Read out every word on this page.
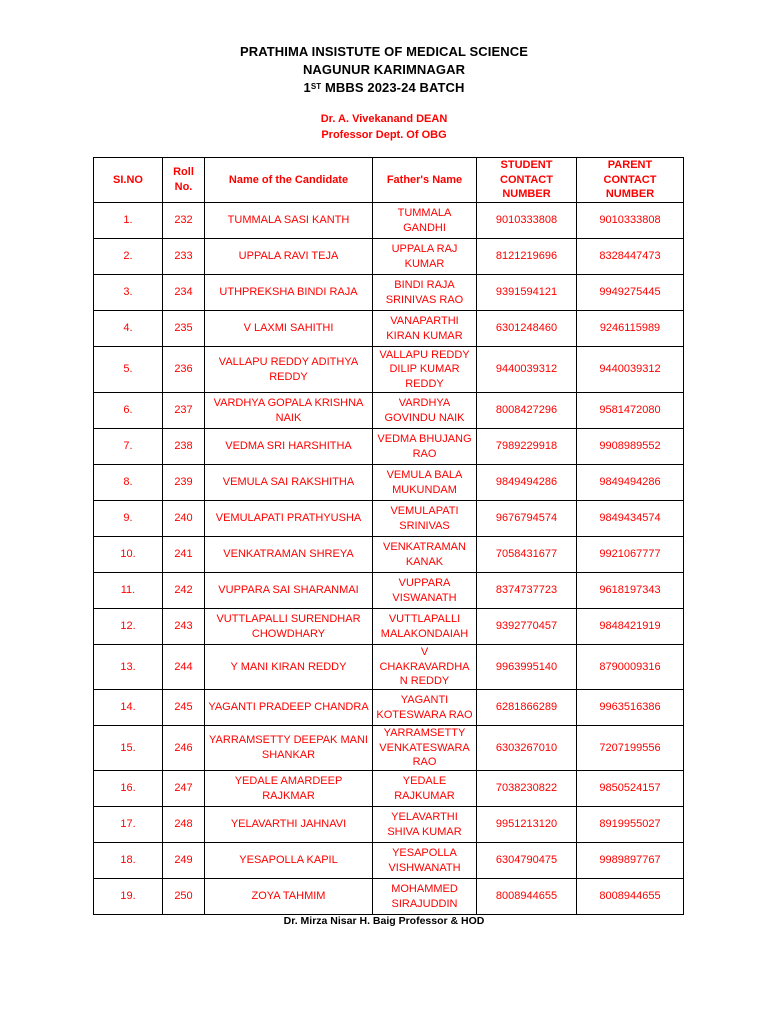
PRATHIMA INSISTUTE OF MEDICAL SCIENCE
NAGUNUR KARIMNAGAR
1ST MBBS 2023-24 BATCH
Dr. A. Vivekanand DEAN
Professor Dept. Of OBG
SI.NO	Roll No.	Name of the Candidate	Father's Name	STUDENT CONTACT NUMBER	PARENT CONTACT NUMBER
1.	232	TUMMALA SASI KANTH	TUMMALA GANDHI	9010333808	9010333808
2.	233	UPPALA RAVI TEJA	UPPALA RAJ KUMAR	8121219696	8328447473
3.	234	UTHPREKSHA BINDI RAJA	BINDI RAJA SRINIVAS RAO	9391594121	9949275445
4.	235	V LAXMI SAHITHI	VANAPARTHI KIRAN KUMAR	6301248460	9246115989
5.	236	VALLAPU REDDY ADITHYA REDDY	VALLAPU REDDY DILIP KUMAR REDDY	9440039312	9440039312
6.	237	VARDHYA GOPALA KRISHNA NAIK	VARDHYA GOVINDU NAIK	8008427296	9581472080
7.	238	VEDMA SRI HARSHITHA	VEDMA BHUJANG RAO	7989229918	9908989552
8.	239	VEMULA SAI RAKSHITHA	VEMULA BALA MUKUNDAM	9849494286	9849494286
9.	240	VEMULAPATI PRATHYUSHA	VEMULAPATI SRINIVAS	9676794574	9849434574
10.	241	VENKATRAMAN SHREYA	VENKATRAMAN KANAK	7058431677	9921067777
11.	242	VUPPARA SAI SHARANMAI	VUPPARA VISWANATH	8374737723	9618197343
12.	243	VUTTLAPALLI SURENDHAR CHOWDHARY	VUTTLAPALLI MALAKONDAIAH	9392770457	9848421919
13.	244	Y MANI KIRAN REDDY	V CHAKRAVARDHAN REDDY	9963995140	8790009316
14.	245	YAGANTI PRADEEP CHANDRA	YAGANTI KOTESWARA RAO	6281866289	9963516386
15.	246	YARRAMSETTY DEEPAK MANI SHANKAR	YARRAMSETTY VENKATESWARA RAO	6303267010	7207199556
16.	247	YEDALE AMARDEEP RAJKMAR	YEDALE RAJKUMAR	7038230822	9850524157
17.	248	YELAVARTHI JAHNAVI	YELAVARTHI SHIVA KUMAR	9951213120	8919955027
18.	249	YESAPOLLA KAPIL	YESAPOLLA VISHWANATH	6304790475	9989897767
19.	250	ZOYA TAHMIM	MOHAMMED SIRAJUDDIN	8008944655	8008944655
Dr. Mirza Nisar H. Baig Professor & HOD
